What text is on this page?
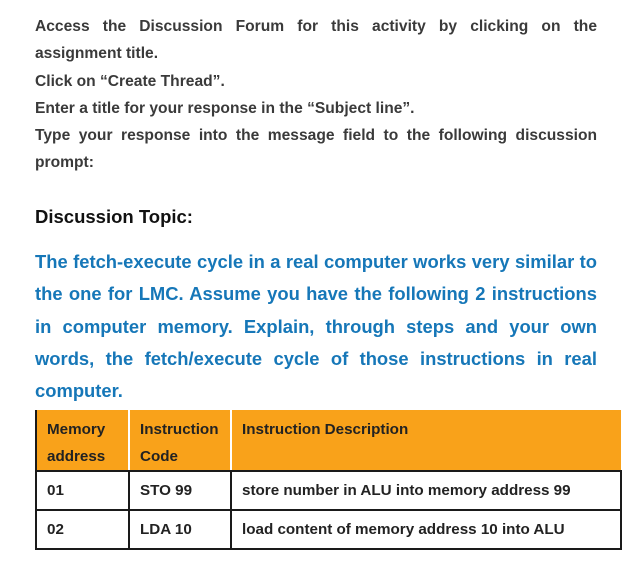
Access the Discussion Forum for this activity by clicking on the assignment title.

Click on “Create Thread”.

Enter a title for your response in the “Subject line”.

Type your response into the message field to the following discussion prompt:

Discussion Topic:

The fetch-execute cycle in a real computer works very similar to the one for LMC. Assume you have the following 2 instructions in computer memory. Explain, through steps and your own words, the fetch/execute cycle of those instructions in real computer.

Memory address	Instruction Code	Instruction Description
01	STO 99	store number in ALU into memory address 99
02	LDA 10	load content of memory address 10 into ALU
